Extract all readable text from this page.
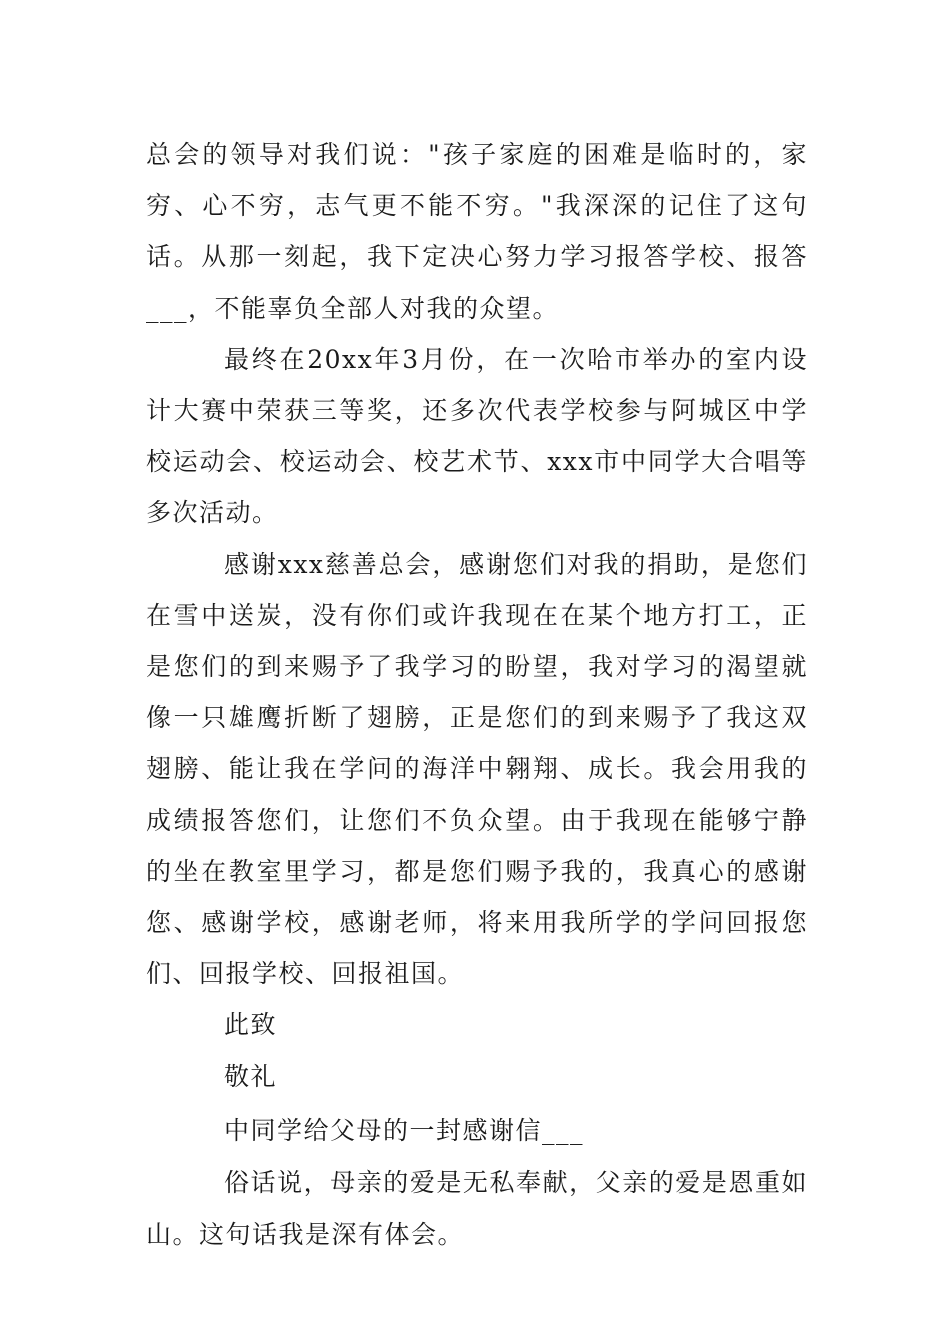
总会的领导对我们说："孩子家庭的困难是临时的，家穷、心不穷，志气更不能不穷。"我深深的记住了这句话。从那一刻起，我下定决心努力学习报答学校、报答___，不能辜负全部人对我的众望。

最终在20xx年3月份，在一次哈市举办的室内设计大赛中荣获三等奖，还多次代表学校参与阿城区中学校运动会、校运动会、校艺术节、xxx市中同学大合唱等多次活动。

感谢xxx慈善总会，感谢您们对我的捐助，是您们在雪中送炭，没有你们或许我现在在某个地方打工，正是您们的到来赐予了我学习的盼望，我对学习的渴望就像一只雄鹰折断了翅膀，正是您们的到来赐予了我这双翅膀、能让我在学问的海洋中翱翔、成长。我会用我的成绩报答您们，让您们不负众望。由于我现在能够宁静的坐在教室里学习，都是您们赐予我的，我真心的感谢您、感谢学校，感谢老师，将来用我所学的学问回报您们、回报学校、回报祖国。

此致

敬礼

中同学给父母的一封感谢信___

俗话说，母亲的爱是无私奉献，父亲的爱是恩重如山。这句话我是深有体会。
